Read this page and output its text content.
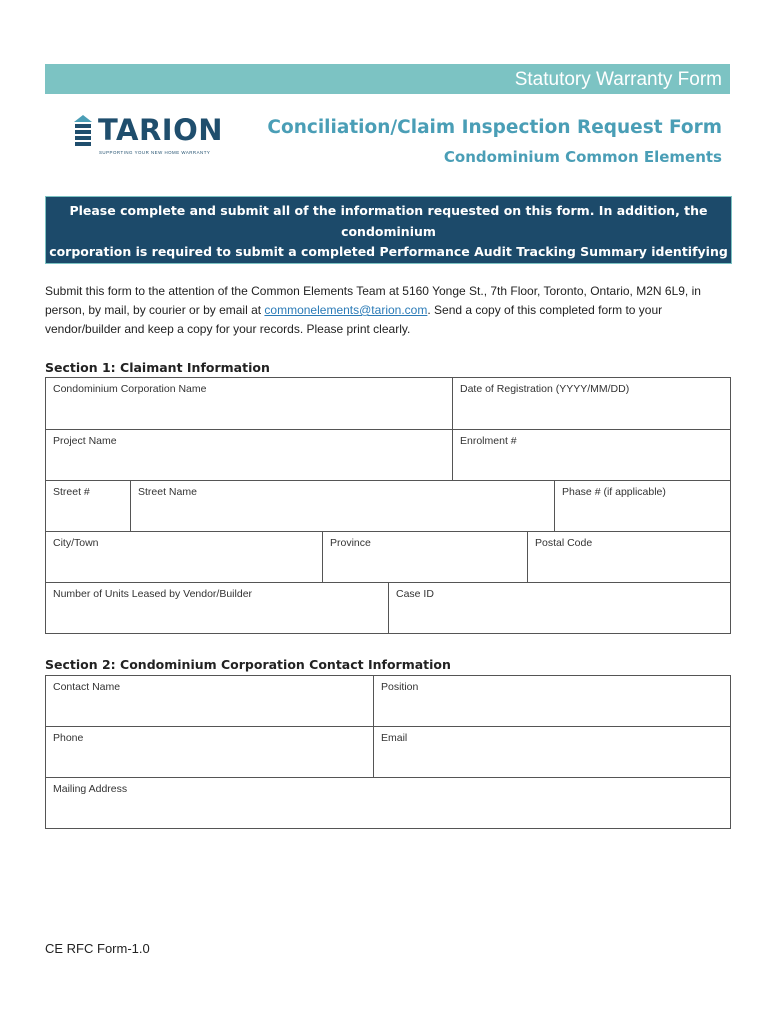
Statutory Warranty Form
TARION
SUPPORTING YOUR NEW HOME WARRANTY
Conciliation/Claim Inspection Request Form
Condominium Common Elements
Please complete and submit all of the information requested on this form. In addition, the condominium
corporation is required to submit a completed Performance Audit Tracking Summary identifying
outstanding deficiencies in accordance with Registrar Bulletin 2.
Submit this form to the attention of the Common Elements Team at 5160 Yonge St., 7th Floor, Toronto, Ontario, M2N 6L9, in person, by mail, by courier or by email at commonelements@tarion.com. Send a copy of this completed form to your vendor/builder and keep a copy for your records. Please print clearly.
Section 1: Claimant Information
Condominium Corporation Name	Date of Registration (YYYY/MM/DD)
Project Name	Enrolment #
Street #	Street Name	Phase # (if applicable)
City/Town	Province	Postal Code
Number of Units Leased by Vendor/Builder	Case ID
Section 2: Condominium Corporation Contact Information
Contact Name	Position
Phone	Email
Mailing Address
CE RFC Form-1.0
